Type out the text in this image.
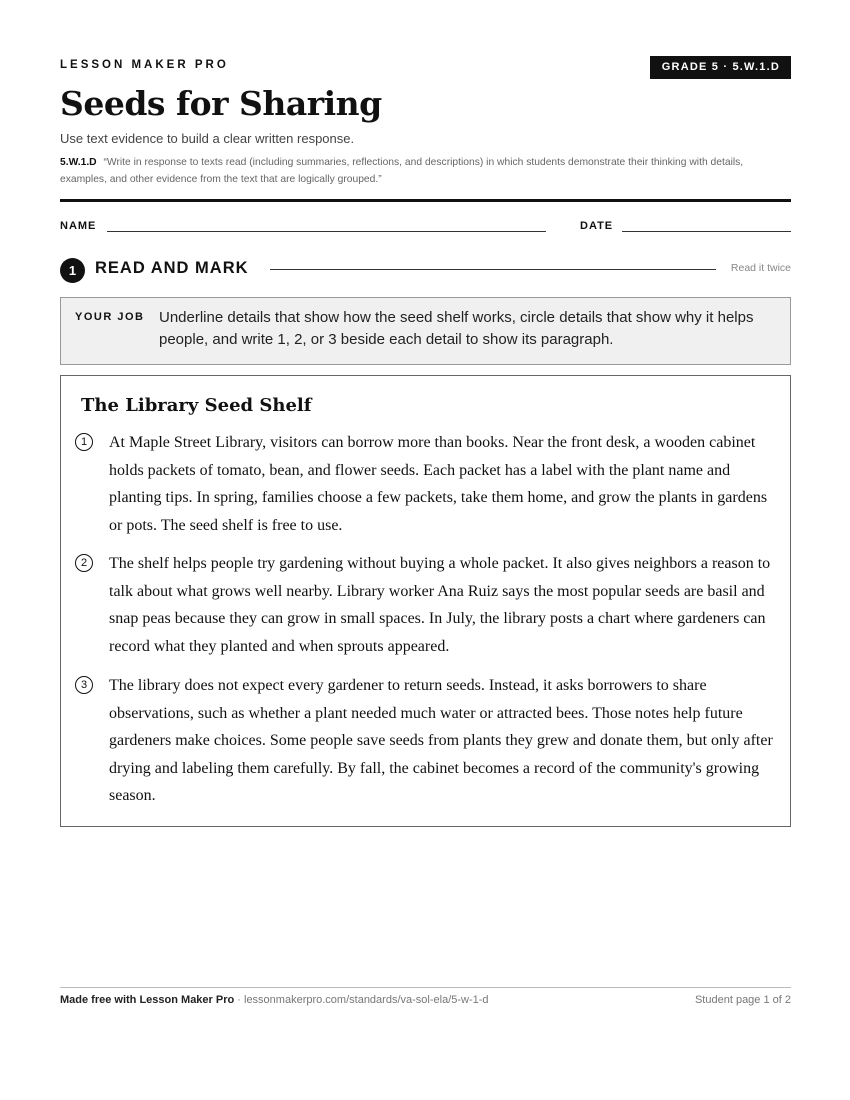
LESSON MAKER PRO	GRADE 5 · 5.W.1.D
Seeds for Sharing
Use text evidence to build a clear written response.
5.W.1.D “Write in response to texts read (including summaries, reflections, and descriptions) in which students demonstrate their thinking with details, examples, and other evidence from the text that are logically grouped.”
NAME	DATE
1	READ AND MARK	Read it twice
YOUR JOB Underline details that show how the seed shelf works, circle details that show why it helps people, and write 1, 2, or 3 beside each detail to show its paragraph.
The Library Seed Shelf
1	At Maple Street Library, visitors can borrow more than books. Near the front desk, a wooden cabinet holds packets of tomato, bean, and flower seeds. Each packet has a label with the plant name and planting tips. In spring, families choose a few packets, take them home, and grow the plants in gardens or pots. The seed shelf is free to use.

2	The shelf helps people try gardening without buying a whole packet. It also gives neighbors a reason to talk about what grows well nearby. Library worker Ana Ruiz says the most popular seeds are basil and snap peas because they can grow in small spaces. In July, the library posts a chart where gardeners can record what they planted and when sprouts appeared.

3	The library does not expect every gardener to return seeds. Instead, it asks borrowers to share observations, such as whether a plant needed much water or attracted bees. Those notes help future gardeners make choices. Some people save seeds from plants they grew and donate them, but only after drying and labeling them carefully. By fall, the cabinet becomes a record of the community's growing season.

Made free with Lesson Maker Pro · lessonmakerpro.com/standards/va-sol-ela/5-w-1-d	Student page 1 of 2
